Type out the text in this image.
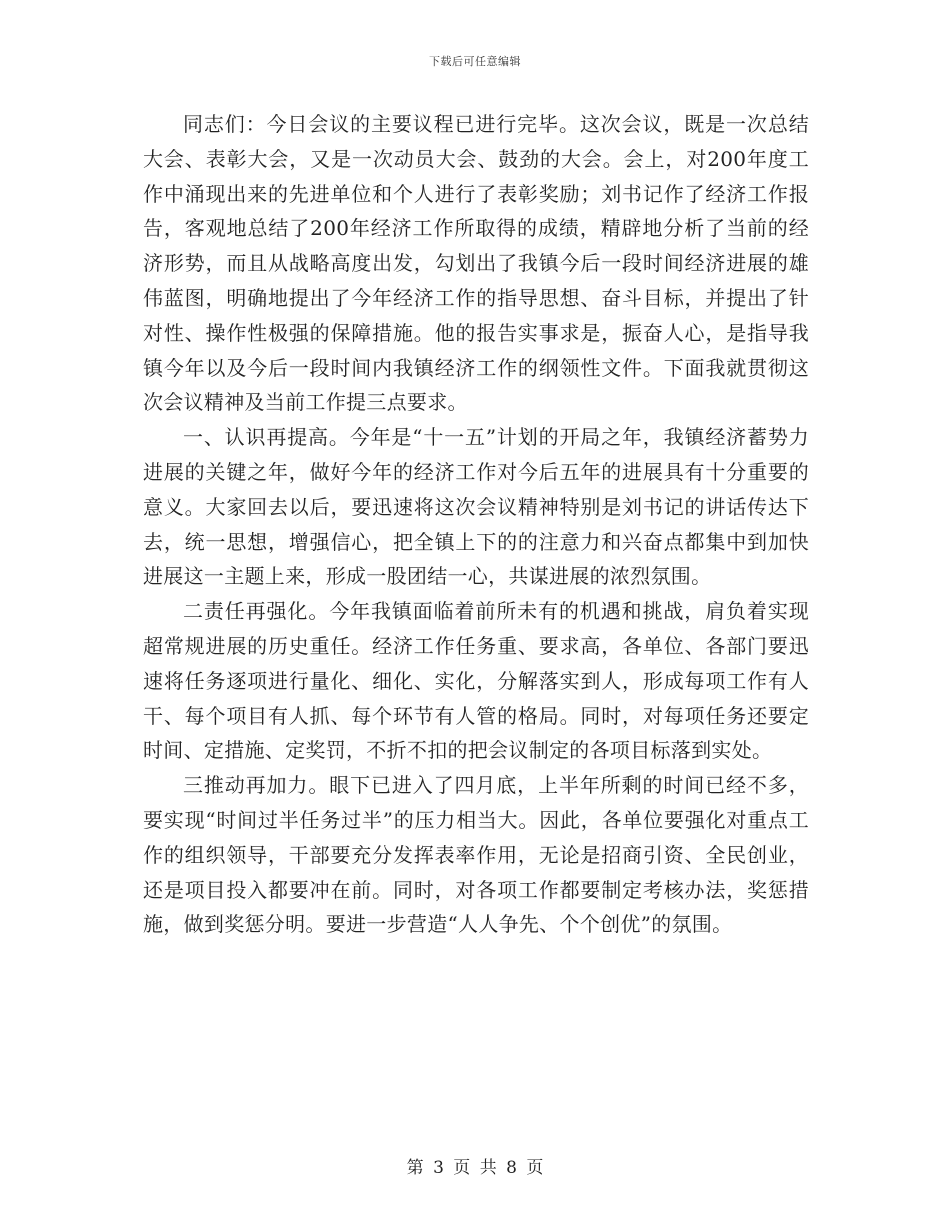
下载后可任意编辑

同志们：今日会议的主要议程已进行完毕。这次会议，既是一次总结大会、表彰大会，又是一次动员大会、鼓劲的大会。会上，对200年度工作中涌现出来的先进单位和个人进行了表彰奖励；刘书记作了经济工作报告，客观地总结了200年经济工作所取得的成绩，精辟地分析了当前的经济形势，而且从战略高度出发，勾划出了我镇今后一段时间经济进展的雄伟蓝图，明确地提出了今年经济工作的指导思想、奋斗目标，并提出了针对性、操作性极强的保障措施。他的报告实事求是，振奋人心，是指导我镇今年以及今后一段时间内我镇经济工作的纲领性文件。下面我就贯彻这次会议精神及当前工作提三点要求。

一、认识再提高。今年是“十一五”计划的开局之年，我镇经济蓄势力进展的关键之年，做好今年的经济工作对今后五年的进展具有十分重要的意义。大家回去以后，要迅速将这次会议精神特别是刘书记的讲话传达下去，统一思想，增强信心，把全镇上下的的注意力和兴奋点都集中到加快进展这一主题上来，形成一股团结一心，共谋进展的浓烈氛围。

二责任再强化。今年我镇面临着前所未有的机遇和挑战，肩负着实现超常规进展的历史重任。经济工作任务重、要求高，各单位、各部门要迅速将任务逐项进行量化、细化、实化，分解落实到人，形成每项工作有人干、每个项目有人抓、每个环节有人管的格局。同时，对每项任务还要定时间、定措施、定奖罚，不折不扣的把会议制定的各项目标落到实处。

三推动再加力。眼下已进入了四月底，上半年所剩的时间已经不多，要实现“时间过半任务过半”的压力相当大。因此，各单位要强化对重点工作的组织领导，干部要充分发挥表率作用，无论是招商引资、全民创业，还是项目投入都要冲在前。同时，对各项工作都要制定考核办法，奖惩措施，做到奖惩分明。要进一步营造“人人争先、个个创优”的氛围。

第 3 页 共 8 页
